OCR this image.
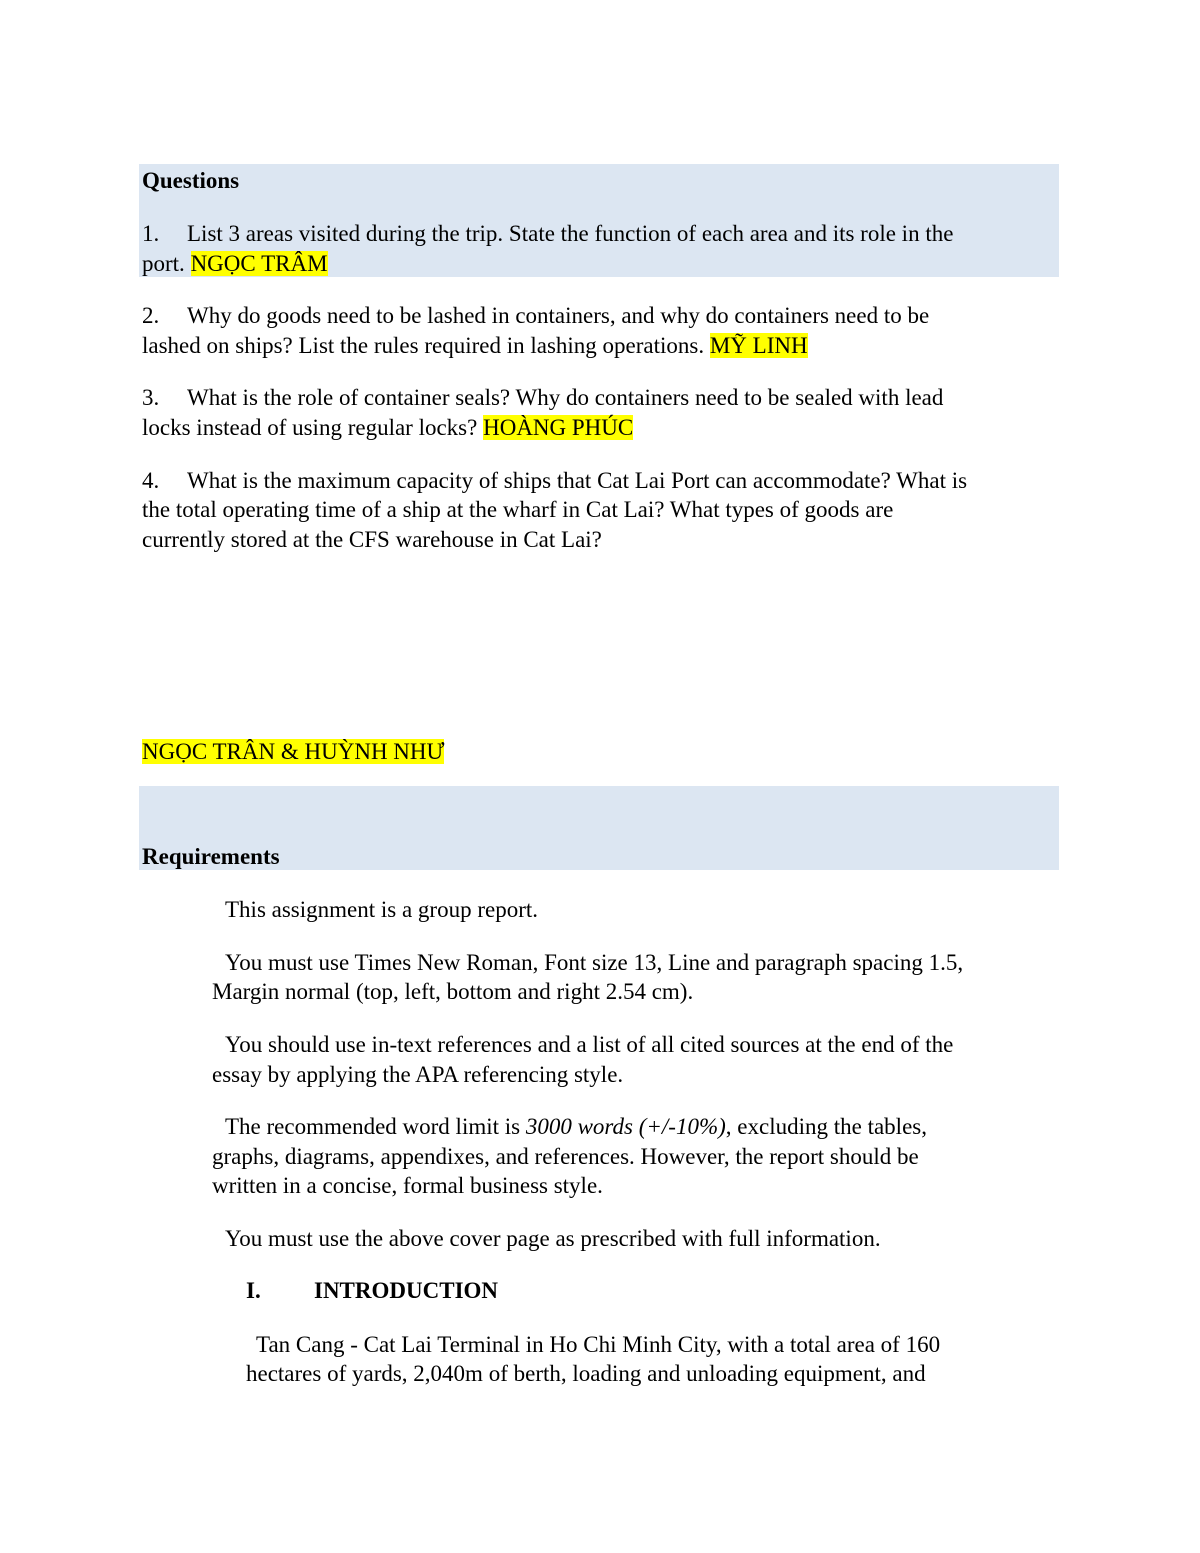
Questions
1. List 3 areas visited during the trip. State the function of each area and its role in the
port. NGỌC TRÂM
2. Why do goods need to be lashed in containers, and why do containers need to be
lashed on ships? List the rules required in lashing operations. MỸ LINH
3. What is the role of container seals? Why do containers need to be sealed with lead
locks instead of using regular locks? HOÀNG PHÚC
4. What is the maximum capacity of ships that Cat Lai Port can accommodate? What is
the total operating time of a ship at the wharf in Cat Lai? What types of goods are
currently stored at the CFS warehouse in Cat Lai?
NGỌC TRÂN & HUỲNH NHƯ
Requirements
This assignment is a group report.
You must use Times New Roman, Font size 13, Line and paragraph spacing 1.5,
Margin normal (top, left, bottom and right 2.54 cm).
You should use in-text references and a list of all cited sources at the end of the
essay by applying the APA referencing style.
The recommended word limit is 3000 words (+/-10%), excluding the tables,
graphs, diagrams, appendixes, and references. However, the report should be
written in a concise, formal business style.
You must use the above cover page as prescribed with full information.
I. INTRODUCTION
Tan Cang - Cat Lai Terminal in Ho Chi Minh City, with a total area of 160
hectares of yards, 2,040m of berth, loading and unloading equipment, and
